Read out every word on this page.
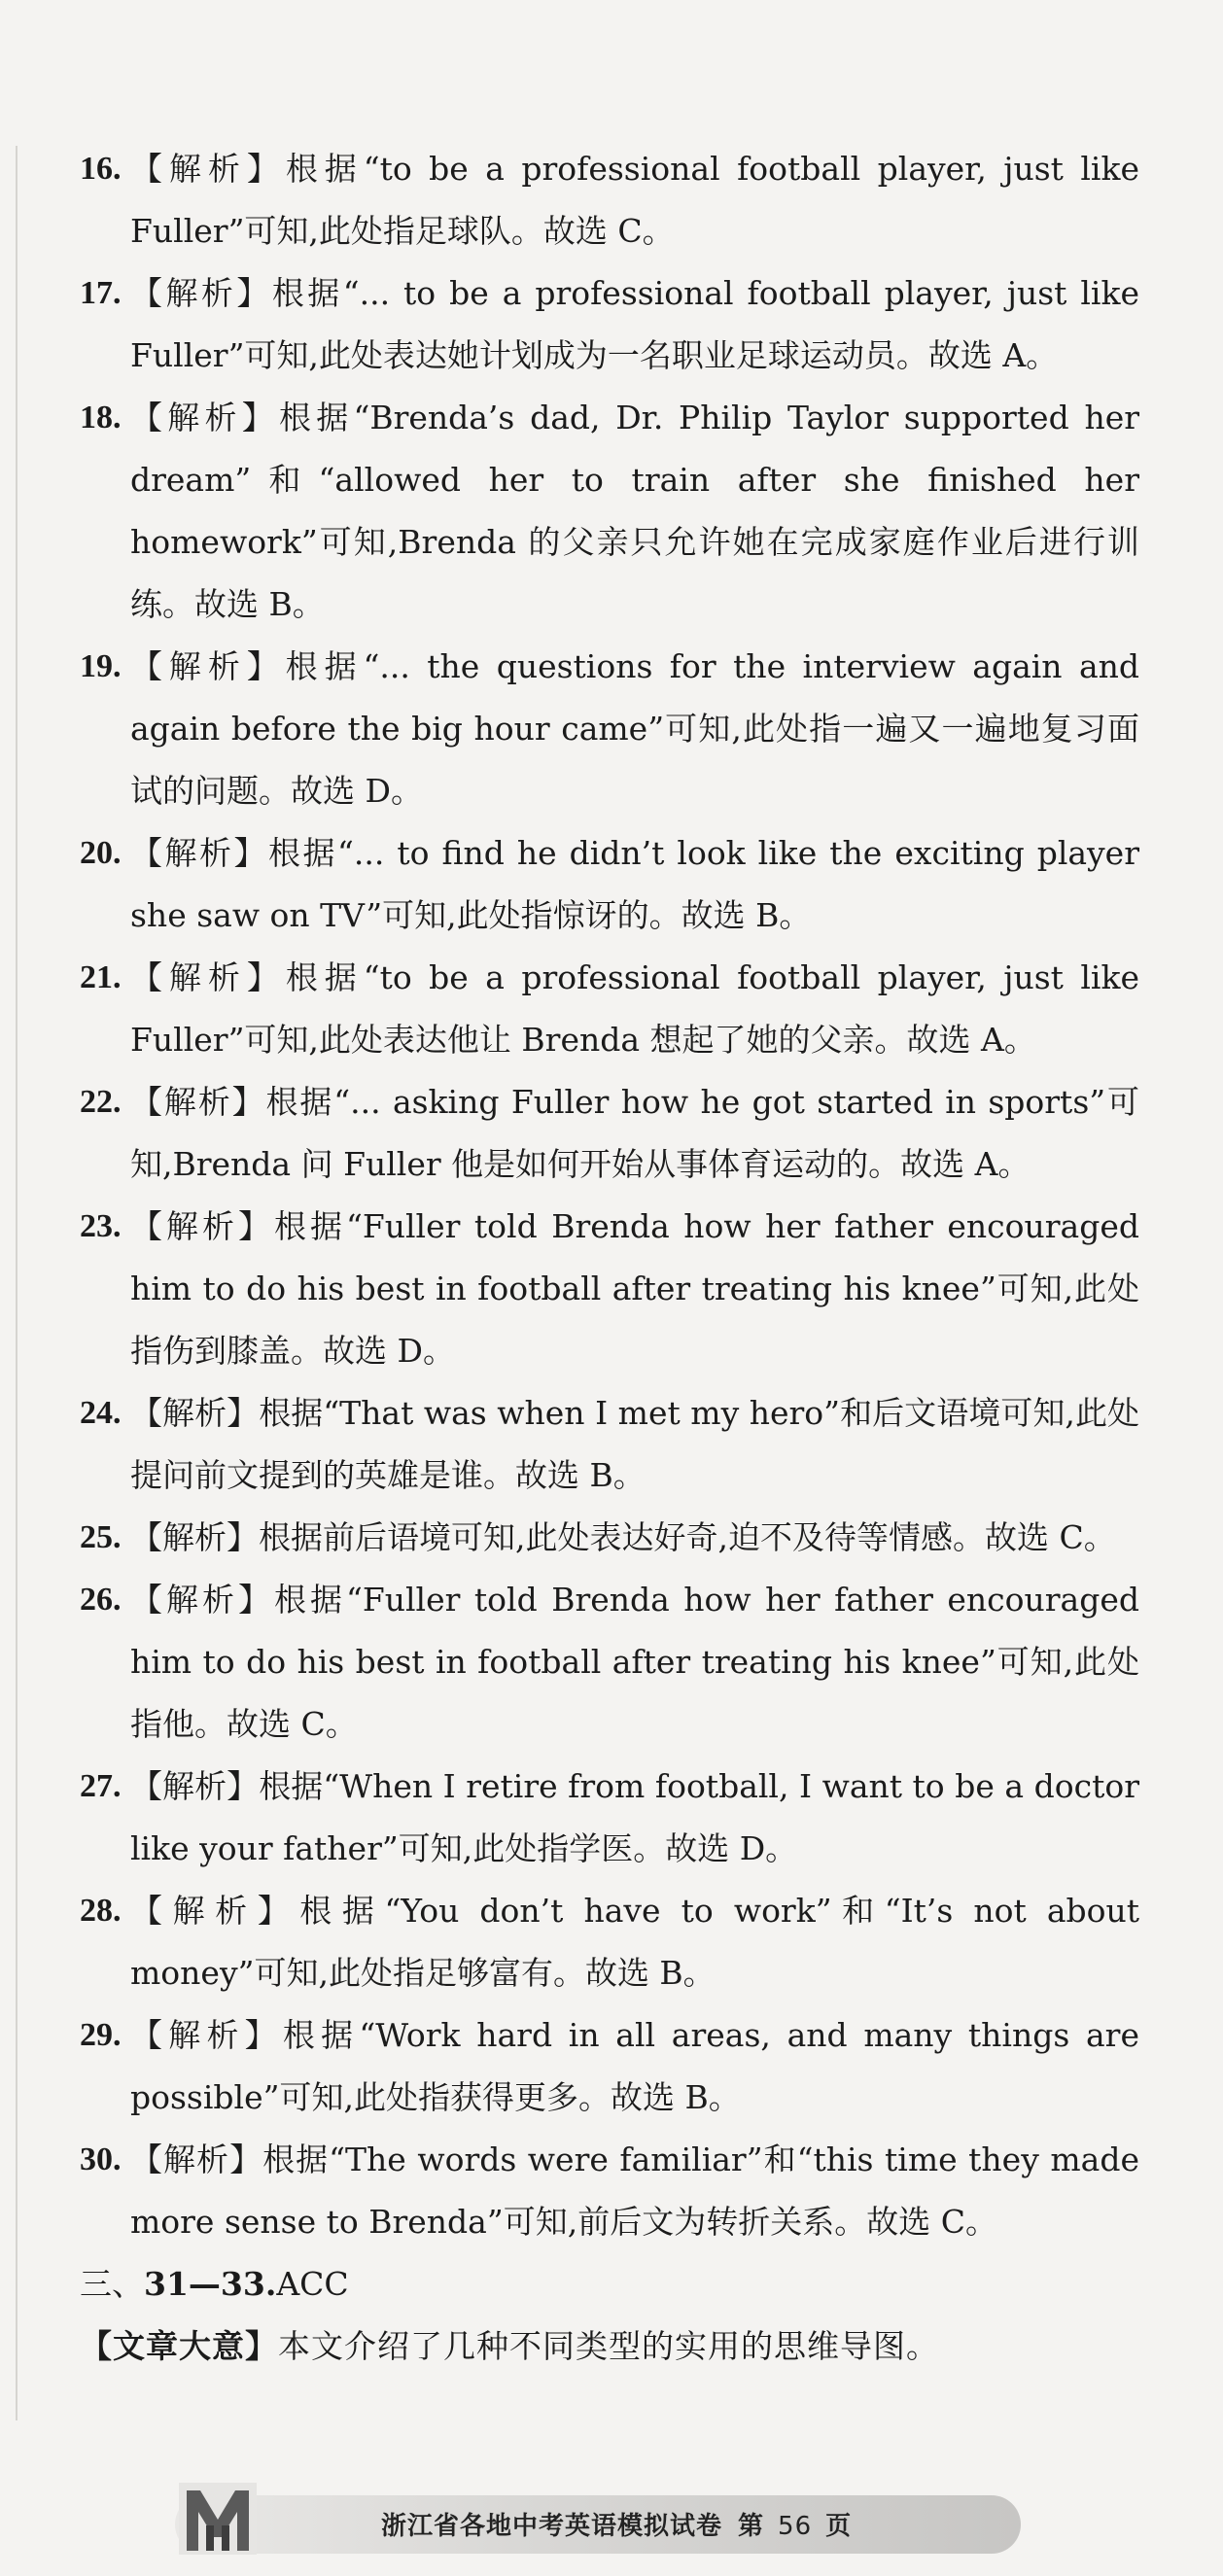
16. 【解析】根据“to be a professional football player, just like Fuller”可知,此处指足球队。故选 C。
17. 【解析】根据“... to be a professional football player, just like Fuller”可知,此处表达她计划成为一名职业足球运动员。故选 A。
18. 【解析】根据“Brenda’s dad, Dr. Philip Taylor supported her dream”和“allowed her to train after she finished her homework”可知,Brenda 的父亲只允许她在完成家庭作业后进行训练。故选 B。
19. 【解析】根据“... the questions for the interview again and again before the big hour came”可知,此处指一遍又一遍地复习面试的问题。故选 D。
20. 【解析】根据“... to find he didn’t look like the exciting player she saw on TV”可知,此处指惊讶的。故选 B。
21. 【解析】根据“to be a professional football player, just like Fuller”可知,此处表达他让 Brenda 想起了她的父亲。故选 A。
22. 【解析】根据“... asking Fuller how he got started in sports”可知,Brenda 问 Fuller 他是如何开始从事体育运动的。故选 A。
23. 【解析】根据“Fuller told Brenda how her father encouraged him to do his best in football after treating his knee”可知,此处指伤到膝盖。故选 D。
24. 【解析】根据“That was when I met my hero”和后文语境可知,此处提问前文提到的英雄是谁。故选 B。
25. 【解析】根据前后语境可知,此处表达好奇,迫不及待等情感。故选 C。
26. 【解析】根据“Fuller told Brenda how her father encouraged him to do his best in football after treating his knee”可知,此处指他。故选 C。
27. 【解析】根据“When I retire from football, I want to be a doctor like your father”可知,此处指学医。故选 D。
28. 【解析】根据“You don’t have to work”和“It’s not about money”可知,此处指足够富有。故选 B。
29. 【解析】根据“Work hard in all areas, and many things are possible”可知,此处指获得更多。故选 B。
30. 【解析】根据“The words were familiar”和“this time they made more sense to Brenda”可知,前后文为转折关系。故选 C。
三、31—33.ACC
【文章大意】本文介绍了几种不同类型的实用的思维导图。
浙江省各地中考英语模拟试卷 第 56 页
